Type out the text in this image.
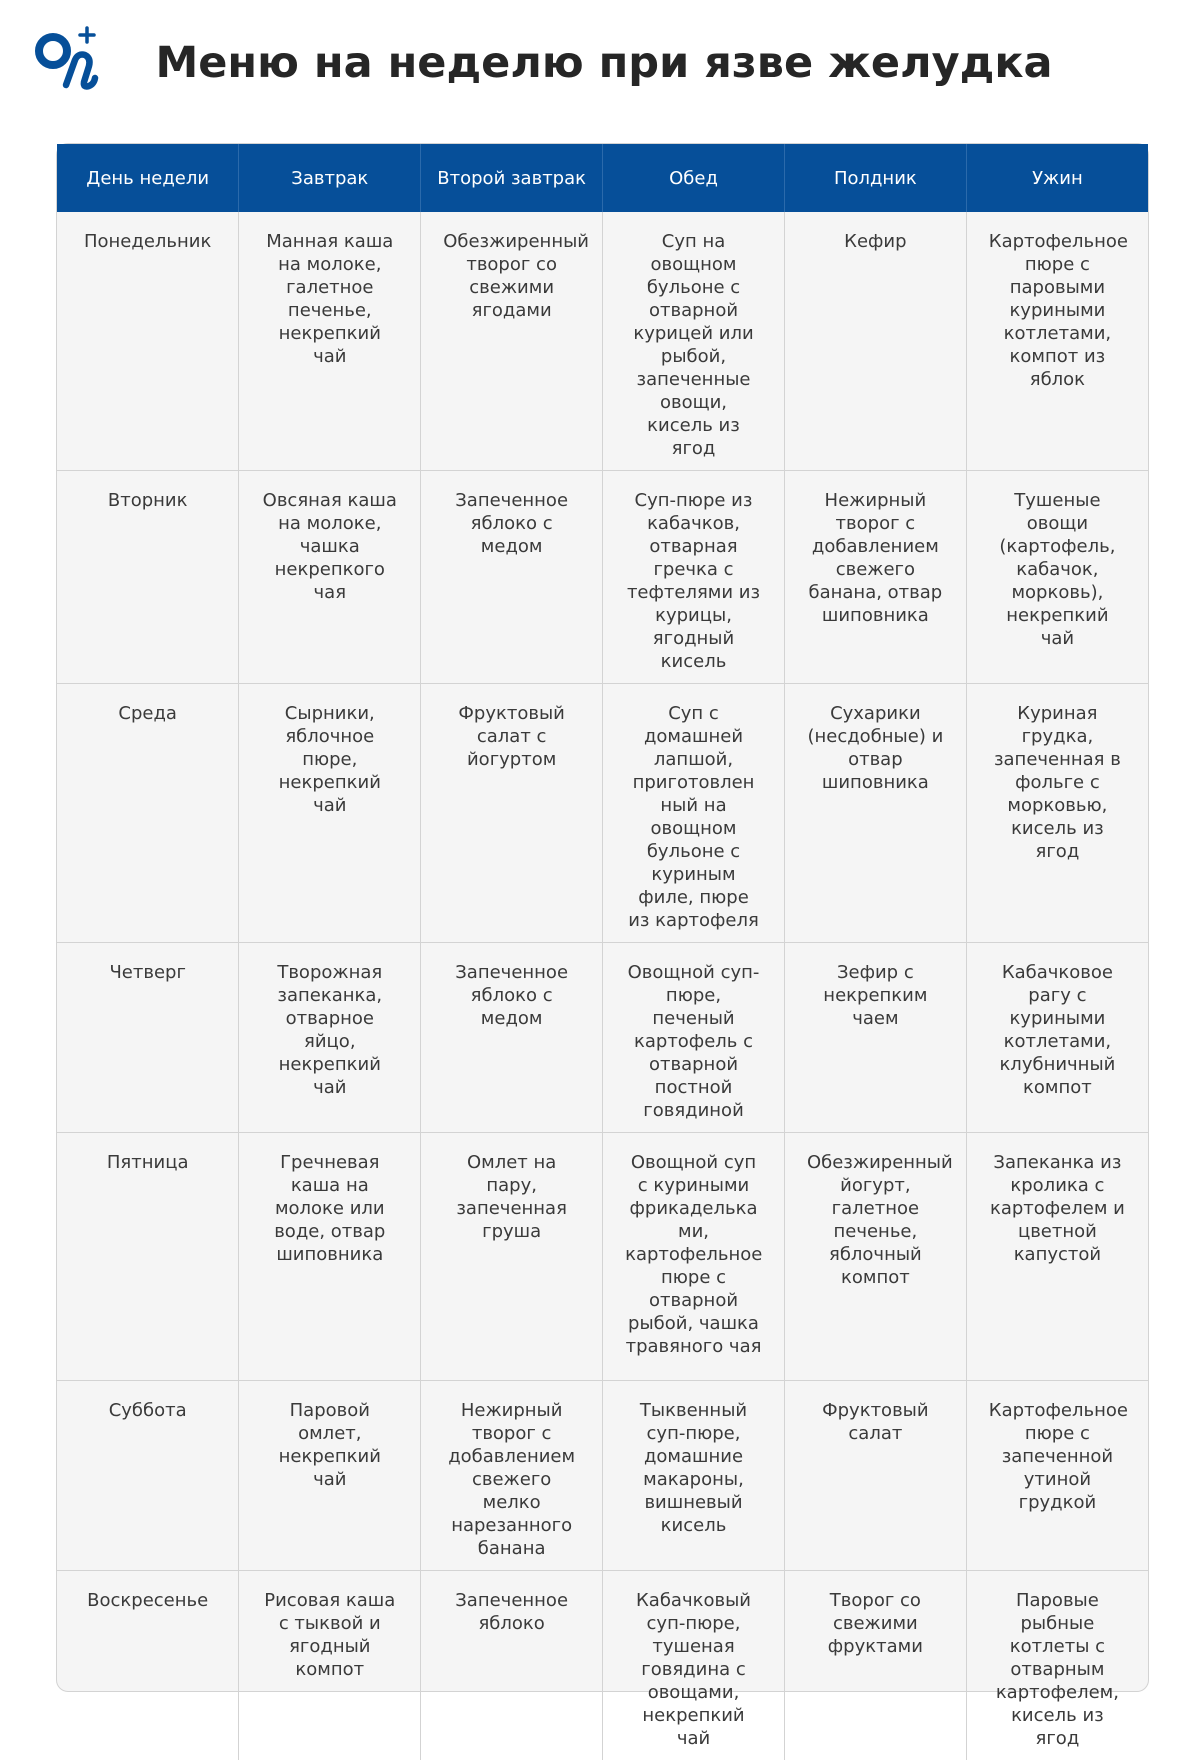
Меню на неделю при язве желудка
День недели	Завтрак	Второй завтрак	Обед	Полдник	Ужин
Понедельник	Манная каша на молоке, галетное печенье, некрепкий чай	Обезжиренный творог со свежими ягодами	Суп на овощном бульоне с отварной курицей или рыбой, запеченные овощи, кисель из ягод	Кефир	Картофельное пюре с паровыми куриными котлетами, компот из яблок
Вторник	Овсяная каша на молоке, чашка некрепкого чая	Запеченное яблоко с медом	Суп-пюре из кабачков, отварная гречка с тефтелями из курицы, ягодный кисель	Нежирный творог с добавлением свежего банана, отвар шиповника	Тушеные овощи (картофель, кабачок, морковь), некрепкий чай
Среда	Сырники, яблочное пюре, некрепкий чай	Фруктовый салат с йогуртом	Суп с домашней лапшой, приготовлен ный на овощном бульоне с куриным филе, пюре из картофеля	Сухарики (несдобные) и отвар шиповника	Куриная грудка, запеченная в фольге с морковью, кисель из ягод
Четверг	Творожная запеканка, отварное яйцо, некрепкий чай	Запеченное яблоко с медом	Овощной суп-пюре, печеный картофель с отварной постной говядиной	Зефир с некрепким чаем	Кабачковое рагу с куриными котлетами, клубничный компот
Пятница	Гречневая каша на молоке или воде, отвар шиповника	Омлет на пару, запеченная груша	Овощной суп с куриными фрикаделька ми, картофельное пюре с отварной рыбой, чашка травяного чая	Обезжиренный йогурт, галетное печенье, яблочный компот	Запеканка из кролика с картофелем и цветной капустой
Суббота	Паровой омлет, некрепкий чай	Нежирный творог с добавлением свежего мелко нарезанного банана	Тыквенный суп-пюре, домашние макароны, вишневый кисель	Фруктовый салат	Картофельное пюре с запеченной утиной грудкой
Воскресенье	Рисовая каша с тыквой и ягодный компот	Запеченное яблоко	Кабачковый суп-пюре, тушеная говядина с овощами, некрепкий чай	Творог со свежими фруктами	Паровые рыбные котлеты с отварным картофелем, кисель из ягод
